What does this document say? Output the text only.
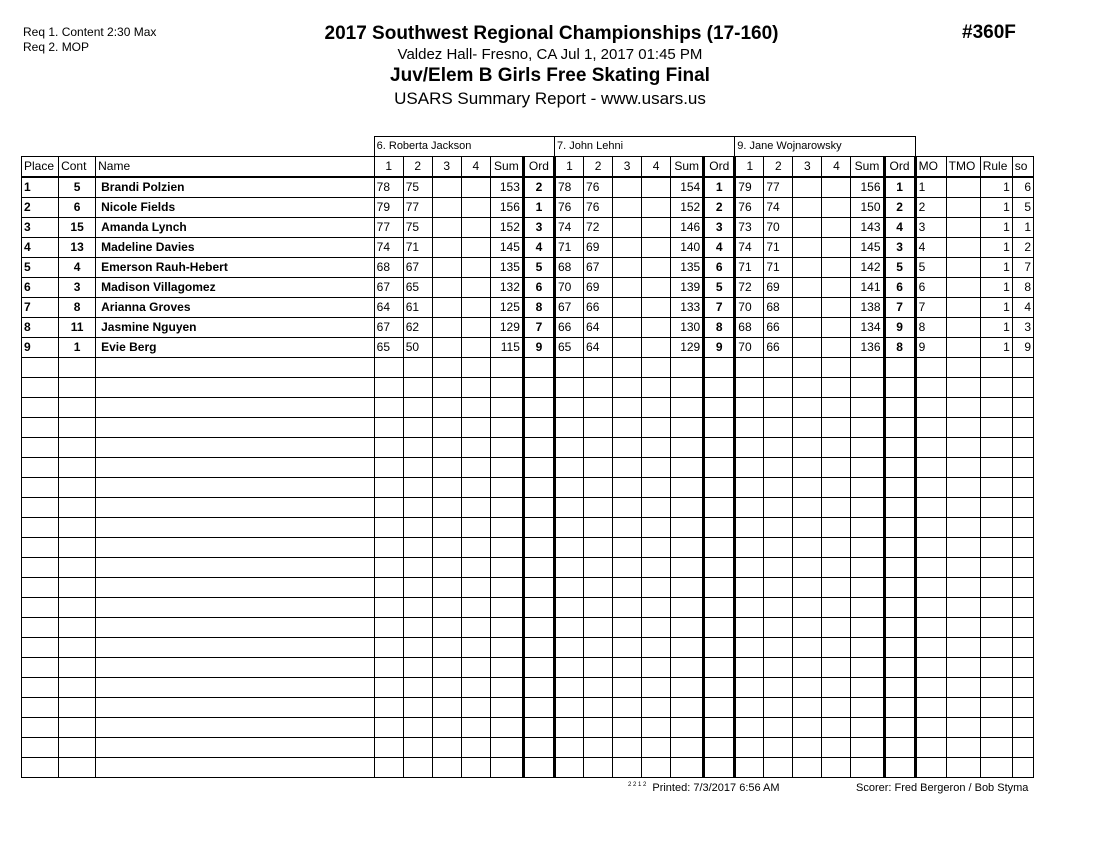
Req 1. Content 2:30 Max
Req 2. MOP
#360F
2017 Southwest Regional Championships (17-160)
Valdez Hall- Fresno, CA Jul 1, 2017 01:45 PM
Juv/Elem B Girls Free Skating Final
USARS Summary Report - www.usars.us
			6. Roberta Jackson						7. John Lehni						9. Jane Wojnarowsky									
Place	Cont	Name	1	2	3	4	Sum	Ord	1	2	3	4	Sum	Ord	1	2	3	4	Sum	Ord	MO	TMO	Rule	so
1	5	Brandi Polzien	78	75			153	2	78	76			154	1	79	77			156	1	1		1	6
2	6	Nicole Fields	79	77			156	1	76	76			152	2	76	74			150	2	2		1	5
3	15	Amanda Lynch	77	75			152	3	74	72			146	3	73	70			143	4	3		1	1
4	13	Madeline Davies	74	71			145	4	71	69			140	4	74	71			145	3	4		1	2
5	4	Emerson Rauh-Hebert	68	67			135	5	68	67			135	6	71	71			142	5	5		1	7
6	3	Madison Villagomez	67	65			132	6	70	69			139	5	72	69			141	6	6		1	8
7	8	Arianna Groves	64	61			125	8	67	66			133	7	70	68			138	7	7		1	4
8	11	Jasmine Nguyen	67	62			129	7	66	64			130	8	68	66			134	9	8		1	3
9	1	Evie Berg	65	50			115	9	65	64			129	9	70	66			136	8	9		1	9

$^{2 2 1 2}$ Printed: 7/3/2017 6:56 AM	Scorer: Fred Bergeron / Bob Styma
